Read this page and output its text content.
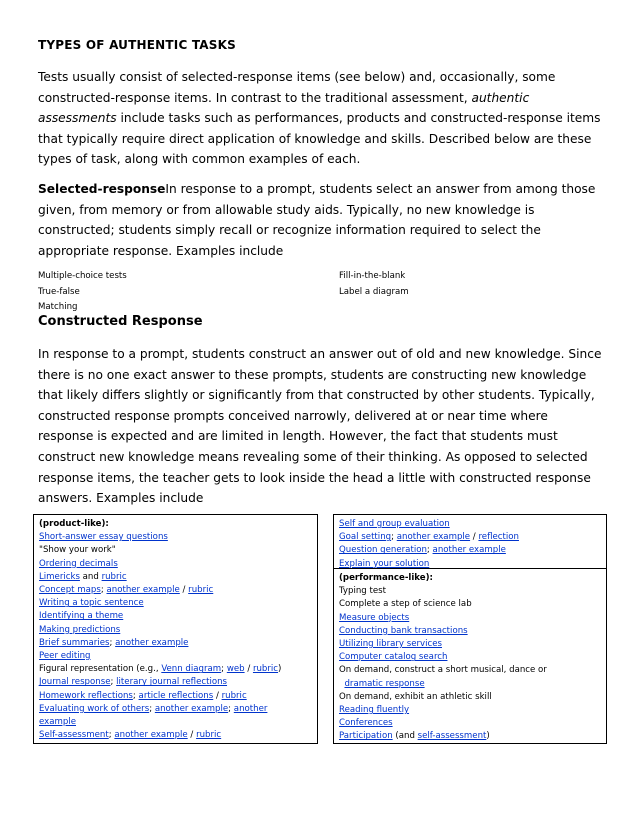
TYPES OF AUTHENTIC TASKS

Tests usually consist of selected-response items (see below) and, occasionally, some constructed-response items. In contrast to the traditional assessment, authentic assessments include tasks such as performances, products and constructed-response items that typically require direct application of knowledge and skills. Described below are these types of task, along with common examples of each.

Selected-responseIn response to a prompt, students select an answer from among those given, from memory or from allowable study aids. Typically, no new knowledge is constructed; students simply recall or recognize information required to select the appropriate response. Examples include

Multiple-choice tests
True-false
Matching
Fill-in-the-blank
Label a diagram
Constructed Response

In response to a prompt, students construct an answer out of old and new knowledge. Since there is no one exact answer to these prompts, students are constructing new knowledge that likely differs slightly or significantly from that constructed by other students. Typically, constructed response prompts conceived narrowly, delivered at or near time where response is expected and are limited in length. However, the fact that students must construct new knowledge means revealing some of their thinking. As opposed to selected response items, the teacher gets to look inside the head a little with constructed response answers. Examples include

(product-like):
Short-answer essay questions
"Show your work"
Ordering decimals
Limericks and rubric
Concept maps; another example / rubric
Writing a topic sentence
Identifying a theme
Making predictions
Brief summaries; another example
Peer editing
Figural representation (e.g., Venn diagram; web / rubric)
Journal response; literary journal reflections
Homework reflections; article reflections / rubric
Evaluating work of others; another example; another
example
Self-assessment; another example / rubric
Self and group evaluation
Goal setting; another example / reflection
Question generation; another example
Explain your solution
(performance-like):
Typing test
Complete a step of science lab
Measure objects
Conducting bank transactions
Utilizing library services
Computer catalog search
On demand, construct a short musical, dance or
dramatic response
On demand, exhibit an athletic skill
Reading fluently
Conferences
Participation (and self-assessment)
